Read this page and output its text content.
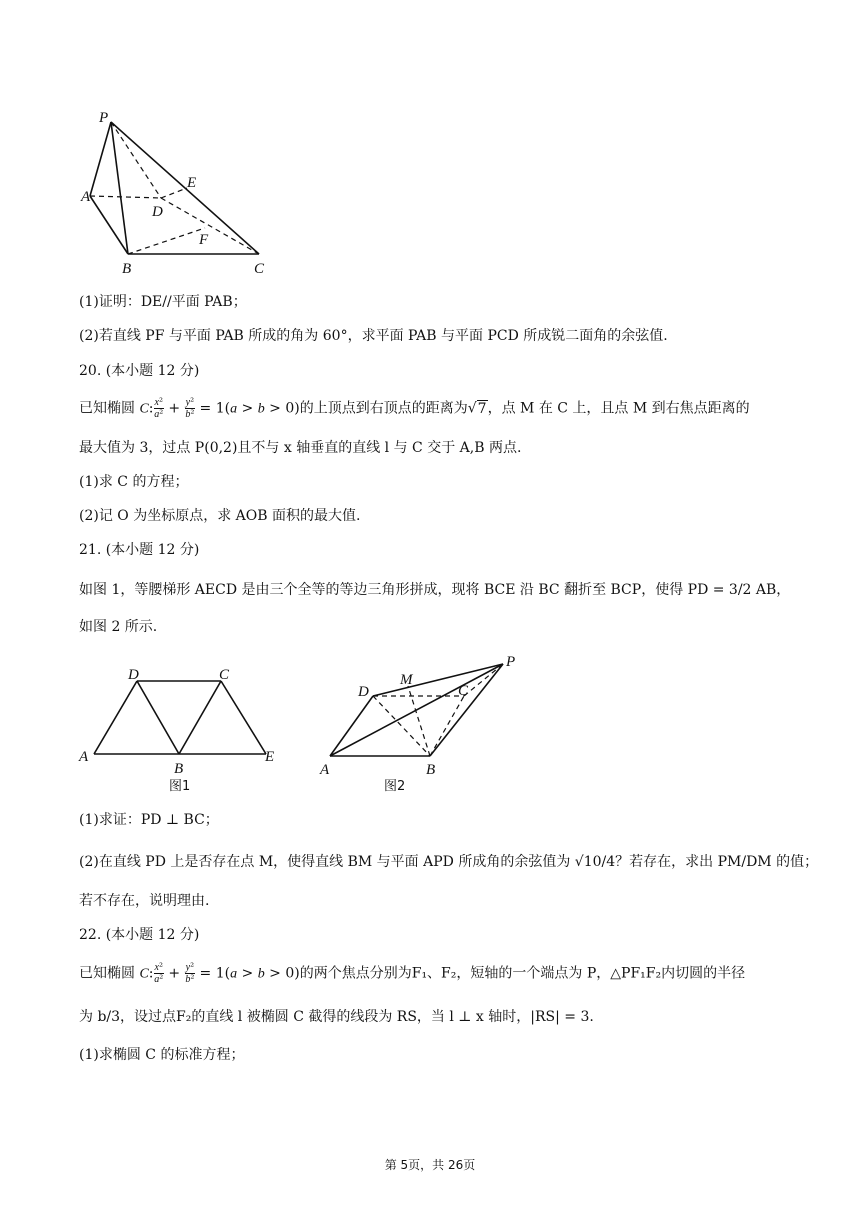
P
A
B	C
D
E
F
(1)证明：DE//平面 PAB；
(2)若直线 PF 与平面 PAB 所成的角为 60°，求平面 PAB 与平面 PCD 所成锐二面角的余弦值.
20. (本小题 12 分)
已知椭圆 C: $\frac{\text{x²}}{\text{a²}} + \frac{\text{y²}}{\text{b²}} = 1(a > b > 0)$的上顶点到右顶点的距离为√7，点 M 在 C 上，且点 M 到右焦点距离的
最大值为 3，过点 P(0,2)且不与 x 轴垂直的直线 l 与 C 交于 A,B 两点.
(1)求 C 的方程；
(2)记 O 为坐标原点，求 AOB 面积的最大值.
21. (本小题 12 分)
如图 1，等腰梯形 AECD 是由三个全等的等边三角形拼成，现将 BCE 沿 BC 翻折至 BCP，使得 PD = 3/2 AB，
如图 2 所示.
D	C
A
B
E
图1
P
M
D	C
A	B
图2
(1)求证：PD ⊥ BC；
(2)在直线 PD 上是否存在点 M，使得直线 BM 与平面 APD 所成角的余弦值为 √10/4？若存在，求出 PM/DM 的值；
若不存在，说明理由.
22. (本小题 12 分)
已知椭圆 C: $\frac{\text{x²}}{\text{a²}} + \frac{\text{y²}}{\text{b²}} = 1(a > b > 0)$的两个焦点分别为F₁、F₂，短轴的一个端点为 P，△PF₁F₂内切圆的半径
为 b/3，设过点F₂的直线 l 被椭圆 C 截得的线段为 RS，当 l ⊥ x 轴时，|RS| = 3.
(1)求椭圆 C 的标准方程；
第 5页，共 26页
